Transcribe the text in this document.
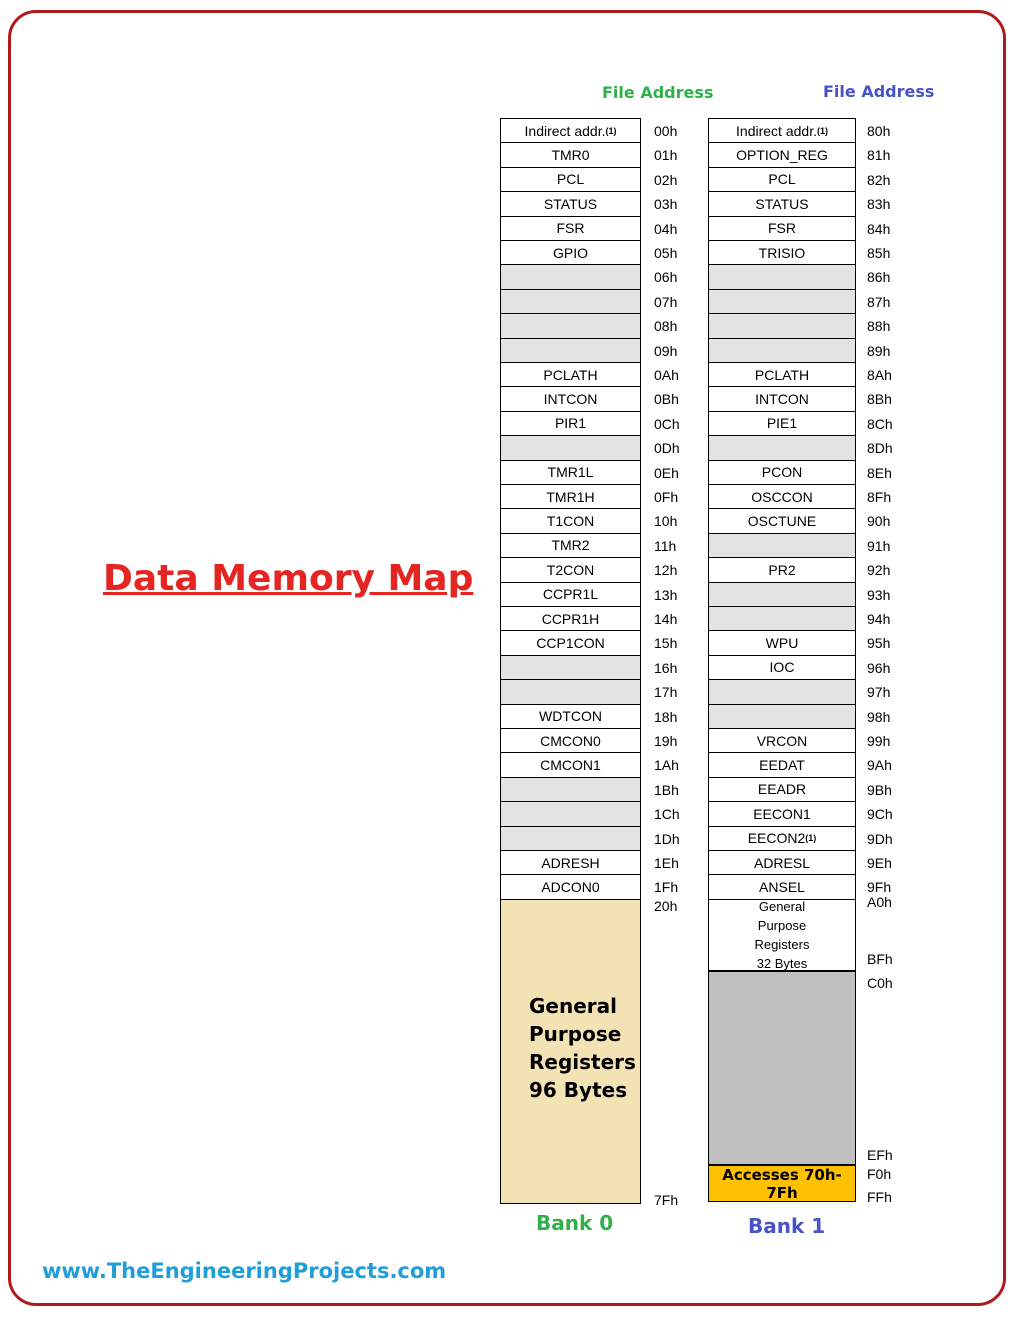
Data Memory Map
File Address	File Address
Indirect addr. (1)
TMR0
PCL
STATUS
FSR
GPIO
PCLATH
INTCON
PIR1
TMR1L
TMR1H
T1CON
TMR2
T2CON
CCPR1L
CCPR1H
CCP1CON
WDTCON
CMCON0
CMCON1
ADRESH
ADCON0
General
Purpose
Registers
96 Bytes
Indirect addr. (1)
OPTION_REG
PCL
STATUS
FSR
TRISIO
PCLATH
INTCON
PIE1
PCON
OSCCON
OSCTUNE
PR2
WPU
IOC
VRCON
EEDAT
EEADR
EECON1
EECON2 (1)
ADRESL
ANSEL
General
Purpose
Registers
32 Bytes
Accesses 70h-7Fh
Bank 0	Bank 1
www.TheEngineeringProjects.com
00h
01h
02h
03h
04h
05h
06h
07h
08h
09h
0Ah
0Bh
0Ch
0Dh
0Eh
0Fh
10h
11h
12h
13h
14h
15h
16h
17h
18h
19h
1Ah
1Bh
1Ch
1Dh
1Eh
1Fh
20h
7Fh
80h
81h
82h
83h
84h
85h
86h
87h
88h
89h
8Ah
8Bh
8Ch
8Dh
8Eh
8Fh
90h
91h
92h
93h
94h
95h
96h
97h
98h
99h
9Ah
9Bh
9Ch
9Dh
9Eh
9Fh
A0h
BFh
C0h
EFh
F0h
FFh
